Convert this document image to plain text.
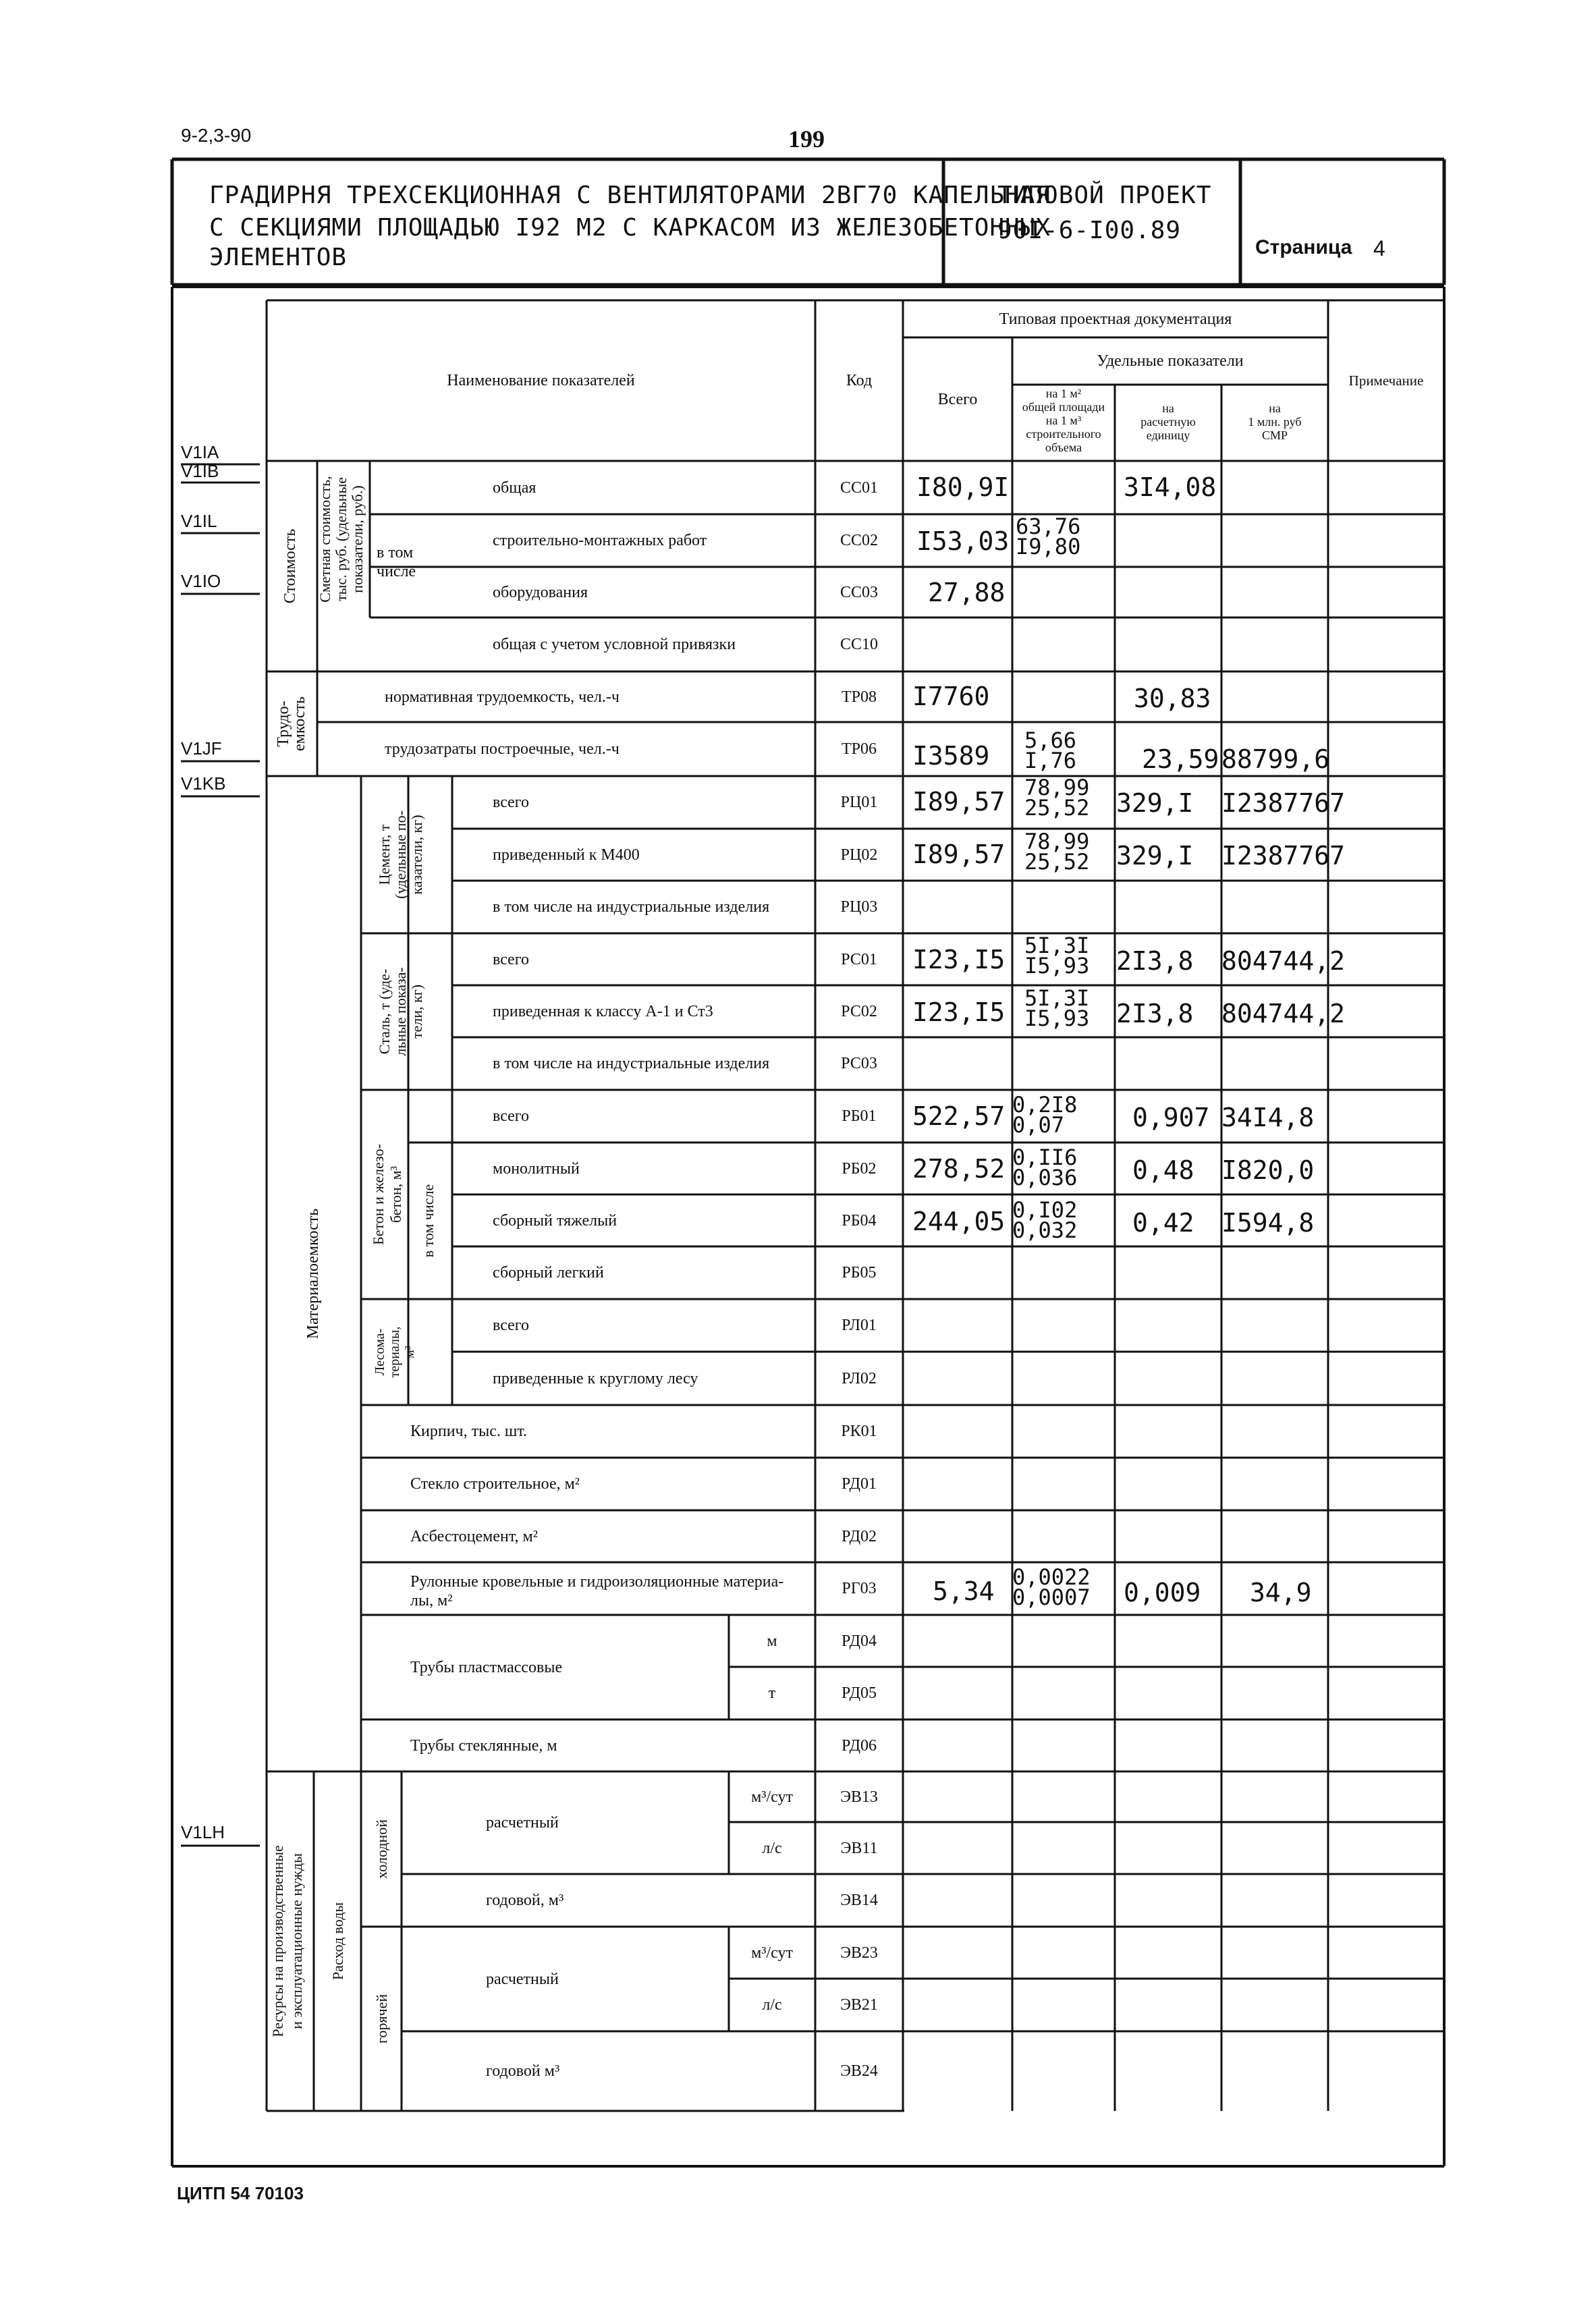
9-2,3-90	199
ГРАДИРНЯ ТРЕХСЕКЦИОННАЯ С ВЕНТИЛЯТОРАМИ 2ВГ70 КАПЕЛЬНАЯ
С СЕКЦИЯМИ ПЛОЩАДЬЮ I92 М2 С КАРКАСОМ ИЗ ЖЕЛЕЗОБЕТОННЫХ
ЭЛЕМЕНТОВ
ТИПОВОЙ ПРОЕКТ
90I-6-I00.89
Страница 4
V1IA
V1IB
V1IL
V1IO
V1JF
V1KB
V1LH
Наименование показателей	Код
Типовая проектная документация
Всего
Удельные показатели
на 1 м²
общей площади
на 1 м³
строительного
объема
на
расчетную
единицу
на
1 млн. руб
СМР
Примечание
Стоимость Сметная стоимость, тыс. руб. (удельные показатели, руб.) в том
числе
Трудо-
емкость
Материалоемкость
Цемент, т (удельные по- казатели, кг)
Сталь, т (уде- льные показа- тели, кг)
Бетон и железо- бетон, м³ в том числе
Лесома- териалы, м³
Ресурсы на производственные и эксплуатационные нужды Расход воды
холодной
горячей
общая
строительно-монтажных работ
оборудования
общая с учетом условной привязки
нормативная трудоемкость, чел.-ч
трудозатраты построечные, чел.-ч
всего
приведенный к М400
в том числе на индустриальные изделия
всего
приведенная к классу А-1 и Ст3
в том числе на индустриальные изделия
всего
монолитный
сборный тяжелый
сборный легкий
всего
приведенные к круглому лесу
Кирпич, тыс. шт.
Стекло строительное, м²
Асбестоцемент, м²
Рулонные кровельные и гидроизоляционные материа-
лы, м²
Трубы пластмассовые
Трубы стеклянные, м
расчетный
годовой, м³
расчетный
годовой м³
м
т
м³/сут
л/с
м³/сут
л/с
СС01
СС02
СС03
СС10
ТР08
ТР06
РЦ01
РЦ02
РЦ03
РС01
РС02
РС03
РБ01
РБ02
РБ04
РБ05
РЛ01
РЛ02
РК01
РД01
РД02
РГ03
РД04
РД05
РД06
ЭВ13
ЭВ11
ЭВ14
ЭВ23
ЭВ21
ЭВ24
I80,9I
I53,03
27,88
I7760
I3589
I89,57
I89,57
I23,I5
I23,I5
522,57
278,52
244,05
5,34
63,76
I9,80
5,66
I,76
78,99
25,52
78,99
25,52
5I,3I
I5,93
5I,3I
I5,93
0,2I8
0,07
0,II6
0,036
0,I02
0,032
0,0022
0,0007
3I4,08
30,83
23,59
329,I
329,I
2I3,8
2I3,8
0,907
0,48
0,42
0,009
88799,6
I2387767
I2387767
804744,2
804744,2
34I4,8
I820,0
I594,8
34,9
ЦИТП 54 70103
